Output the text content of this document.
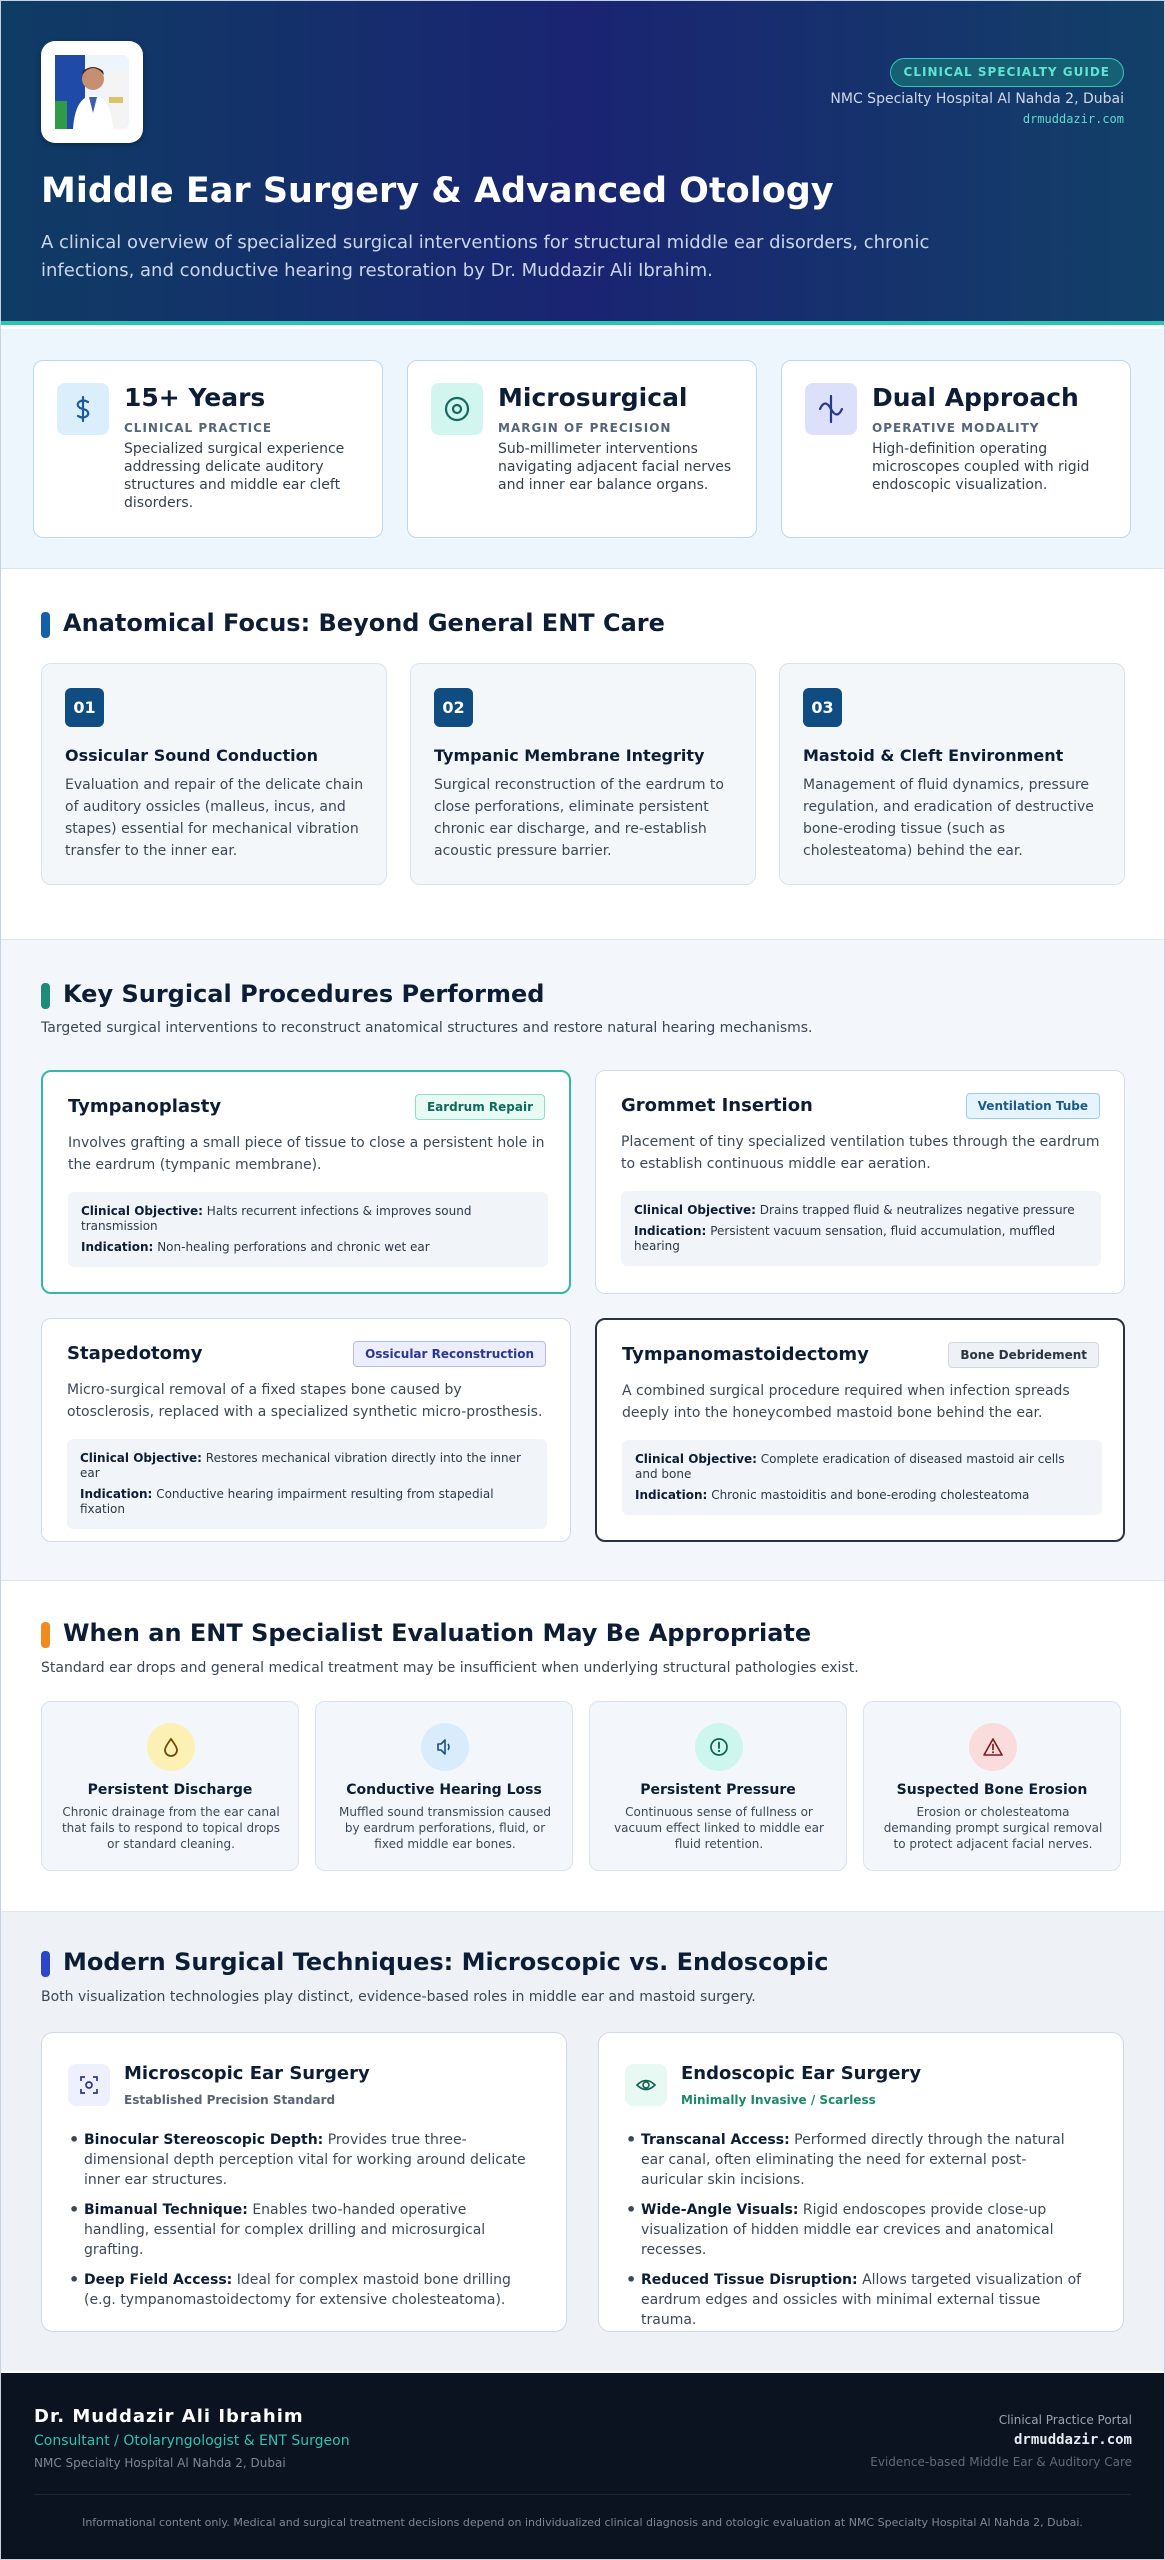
CLINICAL SPECIALTY GUIDE
NMC Specialty Hospital Al Nahda 2, Dubai
drmuddazir.com
Middle Ear Surgery & Advanced Otology
A clinical overview of specialized surgical interventions for structural middle ear disorders, chronic infections, and conductive hearing restoration by Dr. Muddazir Ali Ibrahim.
15+ Years
CLINICAL PRACTICE

Specialized surgical experience addressing delicate auditory structures and middle ear cleft disorders.

Microsurgical
MARGIN OF PRECISION

Sub-millimeter interventions navigating adjacent facial nerves and inner ear balance organs.

Dual Approach
OPERATIVE MODALITY

High-definition operating microscopes coupled with rigid endoscopic visualization.

Anatomical Focus: Beyond General ENT Care
01
Ossicular Sound Conduction

Evaluation and repair of the delicate chain of auditory ossicles (malleus, incus, and stapes) essential for mechanical vibration transfer to the inner ear.

02
Tympanic Membrane Integrity

Surgical reconstruction of the eardrum to close perforations, eliminate persistent chronic ear discharge, and re-establish acoustic pressure barrier.

03
Mastoid & Cleft Environment

Management of fluid dynamics, pressure regulation, and eradication of destructive bone-eroding tissue (such as cholesteatoma) behind the ear.

Key Surgical Procedures Performed
Targeted surgical interventions to reconstruct anatomical structures and restore natural hearing mechanisms.
Tympanoplasty	Eardrum Repair

Involves grafting a small piece of tissue to close a persistent hole in the eardrum (tympanic membrane).

Clinical Objective: Halts recurrent infections & improves sound transmission
Indication: Non-healing perforations and chronic wet ear
Grommet Insertion	Ventilation Tube

Placement of tiny specialized ventilation tubes through the eardrum to establish continuous middle ear aeration.

Clinical Objective: Drains trapped fluid & neutralizes negative pressure
Indication: Persistent vacuum sensation, fluid accumulation, muffled hearing
Stapedotomy	Ossicular Reconstruction

Micro-surgical removal of a fixed stapes bone caused by otosclerosis, replaced with a specialized synthetic micro-prosthesis.

Clinical Objective: Restores mechanical vibration directly into the inner ear
Indication: Conductive hearing impairment resulting from stapedial fixation
Tympanomastoidectomy	Bone Debridement

A combined surgical procedure required when infection spreads deeply into the honeycombed mastoid bone behind the ear.

Clinical Objective: Complete eradication of diseased mastoid air cells and bone
Indication: Chronic mastoiditis and bone-eroding cholesteatoma
When an ENT Specialist Evaluation May Be Appropriate
Standard ear drops and general medical treatment may be insufficient when underlying structural pathologies exist.
Persistent Discharge

Chronic drainage from the ear canal that fails to respond to topical drops or standard cleaning.

Conductive Hearing Loss

Muffled sound transmission caused by eardrum perforations, fluid, or fixed middle ear bones.

Persistent Pressure

Continuous sense of fullness or vacuum effect linked to middle ear fluid retention.

Suspected Bone Erosion

Erosion or cholesteatoma demanding prompt surgical removal to protect adjacent facial nerves.

Modern Surgical Techniques: Microscopic vs. Endoscopic
Both visualization technologies play distinct, evidence-based roles in middle ear and mastoid surgery.
Microscopic Ear Surgery
Established Precision Standard
• Binocular Stereoscopic Depth: Provides true three-dimensional depth perception vital for working around delicate inner ear structures.
• Bimanual Technique: Enables two-handed operative handling, essential for complex drilling and microsurgical grafting.
• Deep Field Access: Ideal for complex mastoid bone drilling (e.g. tympanomastoidectomy for extensive cholesteatoma).
Endoscopic Ear Surgery
Minimally Invasive / Scarless
• Transcanal Access: Performed directly through the natural ear canal, often eliminating the need for external post-auricular skin incisions.
• Wide-Angle Visuals: Rigid endoscopes provide close-up visualization of hidden middle ear crevices and anatomical recesses.
• Reduced Tissue Disruption: Allows targeted visualization of eardrum edges and ossicles with minimal external tissue trauma.
Dr. Muddazir Ali Ibrahim
Consultant / Otolaryngologist & ENT Surgeon
NMC Specialty Hospital Al Nahda 2, Dubai
Clinical Practice Portal
drmuddazir.com
Evidence-based Middle Ear & Auditory Care
Informational content only. Medical and surgical treatment decisions depend on individualized clinical diagnosis and otologic evaluation at NMC Specialty Hospital Al Nahda 2, Dubai.
